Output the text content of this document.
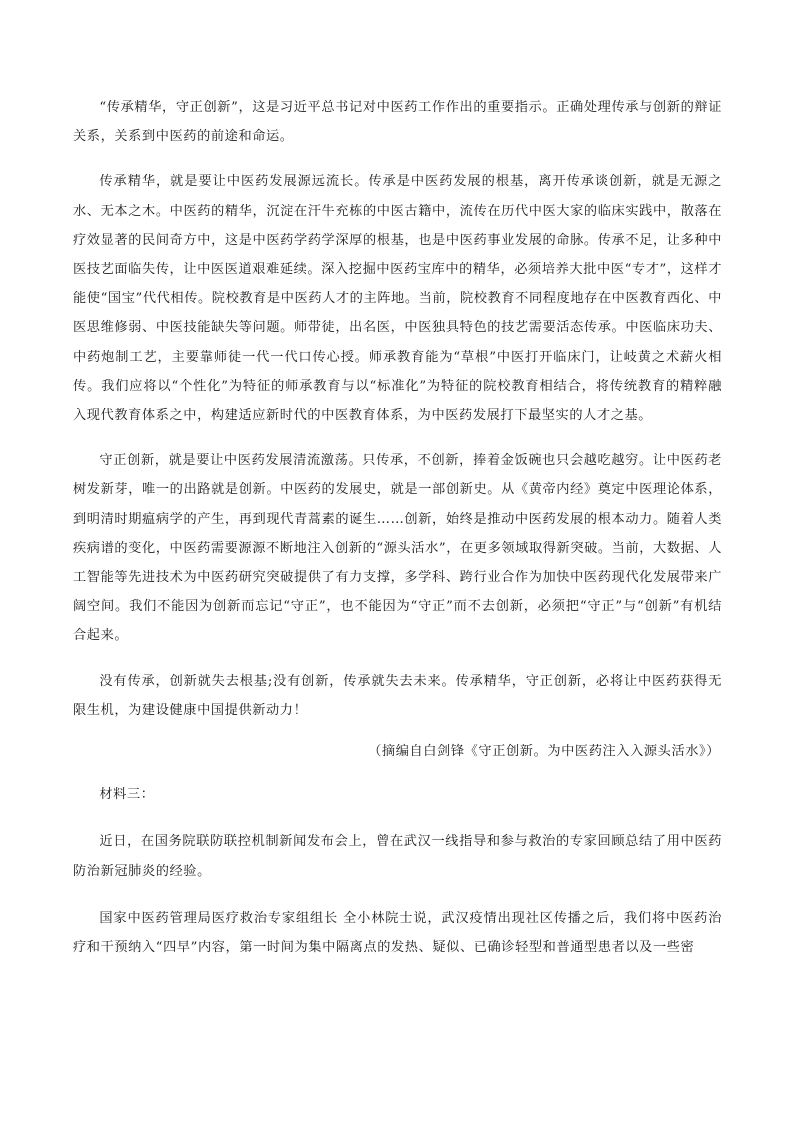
“传承精华，守正创新”，这是习近平总书记对中医药工作作出的重要指示。正确处理传承与创新的辩证关系，关系到中医药的前途和命运。

传承精华，就是要让中医药发展源远流长。传承是中医药发展的根基，离开传承谈创新，就是无源之水、无本之木。中医药的精华，沉淀在汗牛充栋的中医古籍中，流传在历代中医大家的临床实践中，散落在疗效显著的民间奇方中，这是中医药学药学深厚的根基，也是中医药事业发展的命脉。传承不足，让多种中医技艺面临失传，让中医医道艰难延续。深入挖掘中医药宝库中的精华，必须培养大批中医“专才”，这样才能使“国宝”代代相传。院校教育是中医药人才的主阵地。当前，院校教育不同程度地存在中医教育西化、中医思维修弱、中医技能缺失等问题。师带徒，出名医，中医独具特色的技艺需要活态传承。中医临床功夫、中药炮制工艺，主要靠师徒一代一代口传心授。师承教育能为“草根”中医打开临床门，让岐黄之术薪火相传。我们应将以“个性化”为特征的师承教育与以“标准化”为特征的院校教育相结合，将传统教育的精粹融入现代教育体系之中，构建适应新时代的中医教育体系，为中医药发展打下最坚实的人才之基。

守正创新，就是要让中医药发展清流激荡。只传承，不创新，捧着金饭碗也只会越吃越穷。让中医药老树发新芽，唯一的出路就是创新。中医药的发展史，就是一部创新史。从《黄帝内经》奠定中医理论体系，到明清时期瘟病学的产生，再到现代青蒿素的诞生……创新，始终是推动中医药发展的根本动力。随着人类疾病谱的变化，中医药需要源源不断地注入创新的“源头活水”，在更多领域取得新突破。当前，大数据、人工智能等先进技术为中医药研究突破提供了有力支撑，多学科、跨行业合作为加快中医药现代化发展带来广阔空间。我们不能因为创新而忘记“守正”，也不能因为“守正”而不去创新，必须把“守正”与“创新”有机结合起来。

没有传承，创新就失去根基;没有创新，传承就失去未来。传承精华，守正创新，必将让中医药获得无限生机，为建设健康中国提供新动力！

（摘编自白剑锋《守正创新。为中医药注入入源头活水》）

材料三：

近日，在国务院联防联控机制新闻发布会上，曾在武汉一线指导和参与救治的专家回顾总结了用中医药防治新冠肺炎的经验。

国家中医药管理局医疗救治专家组组长 全小林院士说，武汉疫情出现社区传播之后，我们将中医药治疗和干预纳入“四早”内容，第一时间为集中隔离点的发热、疑似、已确诊轻型和普通型患者以及一些密
